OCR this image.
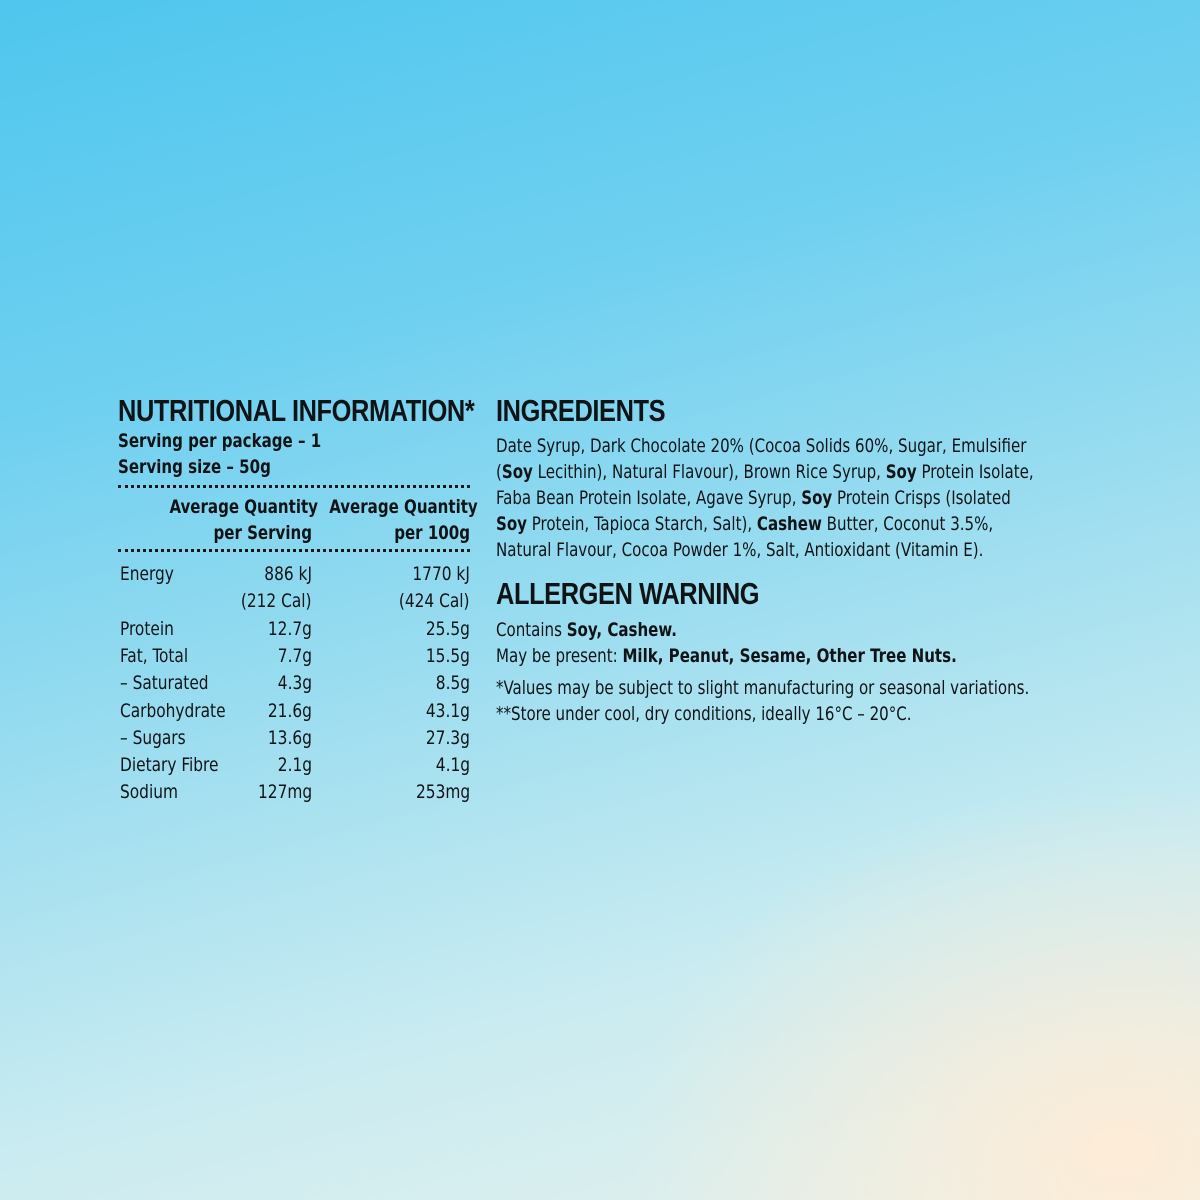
NUTRITIONAL INFORMATION*
Serving per package – 1
Serving size – 50g
Average Quantity
per Serving
Average Quantity
per 100g
Energy	886 kJ	1770 kJ
(212 Cal)	(424 Cal)
Protein	12.7g	25.5g
Fat, Total	7.7g	15.5g
– Saturated	4.3g	8.5g
Carbohydrate 21.6g	43.1g
– Sugars	13.6g	27.3g
Dietary Fibre	2.1g	4.1g
Sodium	127mg	253mg
INGREDIENTS
Date Syrup, Dark Chocolate 20% (Cocoa Solids 60%, Sugar, Emulsifier
(Soy Lecithin), Natural Flavour), Brown Rice Syrup, Soy Protein Isolate,
Faba Bean Protein Isolate, Agave Syrup, Soy Protein Crisps (Isolated
Soy Protein, Tapioca Starch, Salt), Cashew Butter, Coconut 3.5%,
Natural Flavour, Cocoa Powder 1%, Salt, Antioxidant (Vitamin E).
ALLERGEN WARNING
Contains Soy, Cashew.
May be present: Milk, Peanut, Sesame, Other Tree Nuts.
*Values may be subject to slight manufacturing or seasonal variations.
**Store under cool, dry conditions, ideally 16°C – 20°C.
